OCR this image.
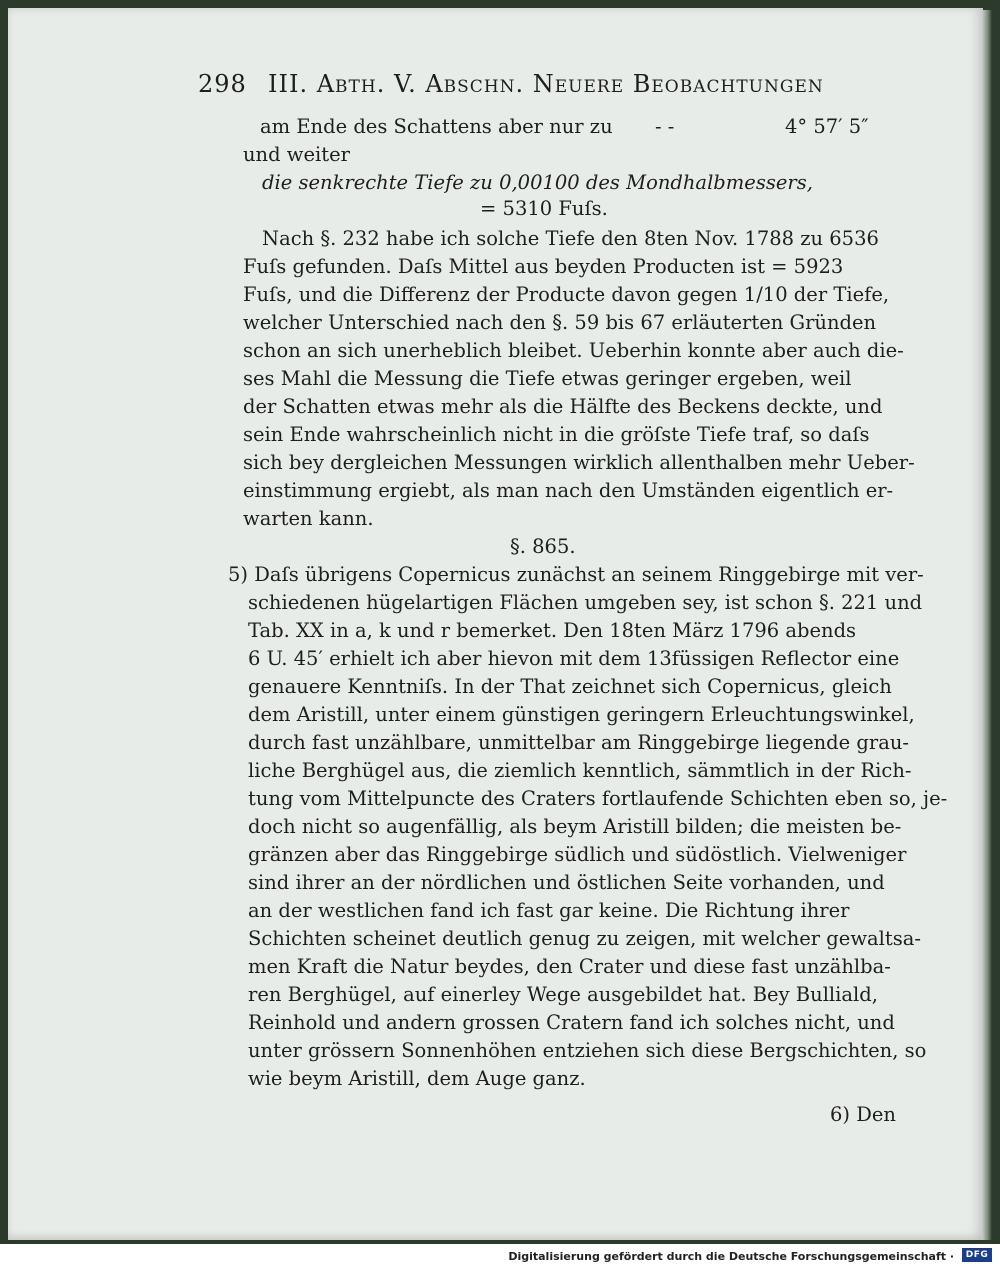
298 III. Abth. V. Abschn. Neuere Beobachtungen
am Ende des Schattens aber nur zu - -	4° 57′ 5″
und weiter
die senkrechte Tiefe zu 0,00100 des Mondhalbmessers,
= 5310 Fuſs.
Nach §. 232 habe ich solche Tiefe den 8ten Nov. 1788 zu 6536
Fuſs gefunden. Daſs Mittel aus beyden Producten ist = 5923
Fuſs, und die Differenz der Producte davon gegen 1/10 der Tiefe,
welcher Unterschied nach den §. 59 bis 67 erläuterten Gründen
schon an sich unerheblich bleibet. Ueberhin konnte aber auch die-
ses Mahl die Messung die Tiefe etwas geringer ergeben, weil
der Schatten etwas mehr als die Hälfte des Beckens deckte, und
sein Ende wahrscheinlich nicht in die gröſste Tiefe traf, so daſs
sich bey dergleichen Messungen wirklich allenthalben mehr Ueber-
einstimmung ergiebt, als man nach den Umständen eigentlich er-
warten kann.
§. 865.
5) Daſs übrigens Copernicus zunächst an seinem Ringgebirge mit ver-
schiedenen hügelartigen Flächen umgeben sey, ist schon §. 221 und
Tab. XX in a, k und r bemerket. Den 18ten März 1796 abends
6 U. 45′ erhielt ich aber hievon mit dem 13füssigen Reflector eine
genauere Kenntniſs. In der That zeichnet sich Copernicus, gleich
dem Aristill, unter einem günstigen geringern Erleuchtungswinkel,
durch fast unzählbare, unmittelbar am Ringgebirge liegende grau-
liche Berghügel aus, die ziemlich kenntlich, sämmtlich in der Rich-
tung vom Mittelpuncte des Craters fortlaufende Schichten eben so, je-
doch nicht so augenfällig, als beym Aristill bilden; die meisten be-
gränzen aber das Ringgebirge südlich und südöstlich. Vielweniger
sind ihrer an der nördlichen und östlichen Seite vorhanden, und
an der westlichen fand ich fast gar keine. Die Richtung ihrer
Schichten scheinet deutlich genug zu zeigen, mit welcher gewaltsa-
men Kraft die Natur beydes, den Crater und diese fast unzählba-
ren Berghügel, auf einerley Wege ausgebildet hat. Bey Bulliald,
Reinhold und andern grossen Cratern fand ich solches nicht, und
unter grössern Sonnenhöhen entziehen sich diese Bergschichten, so
wie beym Aristill, dem Auge ganz.
6) Den
Digitalisierung gefördert durch die Deutsche Forschungsgemeinschaft ·	DFG
